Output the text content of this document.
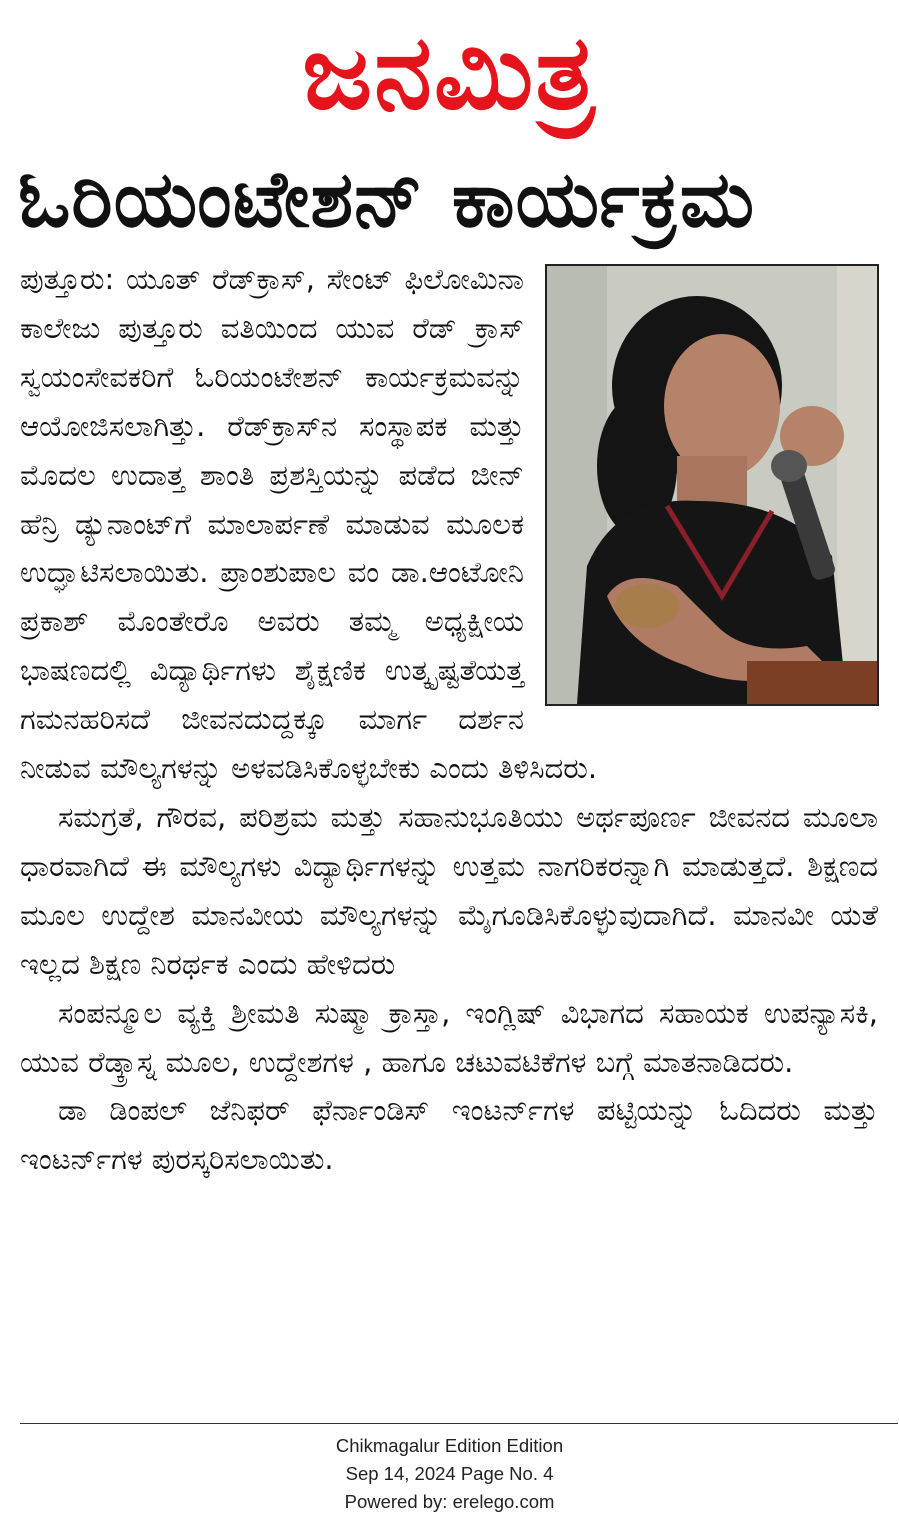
ಜನಮಿತ್ರ
ಓರಿಯಂಟೇಶನ್ ಕಾರ್ಯಕ್ರಮ

ಪುತ್ತೂರು: ಯೂತ್ ರೆಡ್‌ಕ್ರಾಸ್, ಸೇಂಟ್ ಫಿಲೋಮಿನಾ ಕಾಲೇಜು ಪುತ್ತೂರು ವತಿಯಿಂದ ಯುವ ರೆಡ್ ಕ್ರಾಸ್ ಸ್ವಯಂಸೇವಕರಿಗೆ ಓರಿಯಂಟೇಶನ್ ಕಾರ್ಯಕ್ರಮವನ್ನು ಆಯೋಜಿಸಲಾಗಿತ್ತು. ರೆಡ್‌ಕ್ರಾಸ್‌ನ ಸಂಸ್ಥಾಪಕ ಮತ್ತು ಮೊದಲ ಉದಾತ್ತ ಶಾಂತಿ ಪ್ರಶಸ್ತಿಯನ್ನು ಪಡೆದ ಜೀನ್ ಹೆನ್ರಿ ಡ್ಯುನಾಂಟ್‌ಗೆ ಮಾಲಾರ್ಪಣೆ ಮಾಡುವ ಮೂಲಕ ಉದ್ಘಾಟಿಸಲಾಯಿತು. ಪ್ರಾಂಶುಪಾಲ ವಂ ಡಾ.ಆಂಟೋನಿ ಪ್ರಕಾಶ್ ಮೊಂತೇರೊ ಅವರು ತಮ್ಮ ಅಧ್ಯಕ್ಷೀಯ ಭಾಷಣದಲ್ಲಿ ವಿದ್ಯಾರ್ಥಿಗಳು ಶೈಕ್ಷಣಿಕ ಉತ್ಕೃಷ್ಟತೆಯತ್ತ ಗಮನಹರಿಸದೆ ಜೀವನದುದ್ದಕ್ಕೂ ಮಾರ್ಗ ದರ್ಶನ ನೀಡುವ ಮೌಲ್ಯಗಳನ್ನು ಅಳವಡಿಸಿಕೊಳ್ಳಬೇಕು ಎಂದು ತಿಳಿಸಿದರು.

ಸಮಗ್ರತೆ, ಗೌರವ, ಪರಿಶ್ರಮ ಮತ್ತು ಸಹಾನುಭೂತಿಯು ಅರ್ಥಪೂರ್ಣ ಜೀವನದ ಮೂಲಾ ಧಾರವಾಗಿದೆ ಈ ಮೌಲ್ಯಗಳು ವಿದ್ಯಾರ್ಥಿಗಳನ್ನು ಉತ್ತಮ ನಾಗರಿಕರನ್ನಾಗಿ ಮಾಡುತ್ತದೆ. ಶಿಕ್ಷಣದ ಮೂಲ ಉದ್ದೇಶ ಮಾನವೀಯ ಮೌಲ್ಯಗಳನ್ನು ಮೈಗೂಡಿಸಿಕೊಳ್ಳುವುದಾಗಿದೆ. ಮಾನವೀ ಯತೆ ಇಲ್ಲದ ಶಿಕ್ಷಣ ನಿರರ್ಥಕ ಎಂದು ಹೇಳಿದರು

ಸಂಪನ್ಮೂಲ ವ್ಯಕ್ತಿ ಶ್ರೀಮತಿ ಸುಷ್ಮಾ ಕ್ರಾಸ್ತಾ, ಇಂಗ್ಲಿಷ್ ವಿಭಾಗದ ಸಹಾಯಕ ಉಪನ್ಯಾಸಕಿ, ಯುವ ರೆಡ್ಕ್ರಾಸ್ನ ಮೂಲ, ಉದ್ದೇಶಗಳ , ಹಾಗೂ ಚಟುವಟಿಕೆಗಳ ಬಗ್ಗೆ ಮಾತನಾಡಿದರು.

ಡಾ ಡಿಂಪಲ್ ಜೆನಿಫರ್ ಫೆರ್ನಾಂಡಿಸ್ ಇಂಟರ್ನ್‌ಗಳ ಪಟ್ಟಿಯನ್ನು ಓದಿದರು ಮತ್ತು ಇಂಟರ್ನ್‌ಗಳ ಪುರಸ್ಕರಿಸಲಾಯಿತು.

Chikmagalur Edition Edition
Sep 14, 2024 Page No. 4
Powered by: erelego.com
